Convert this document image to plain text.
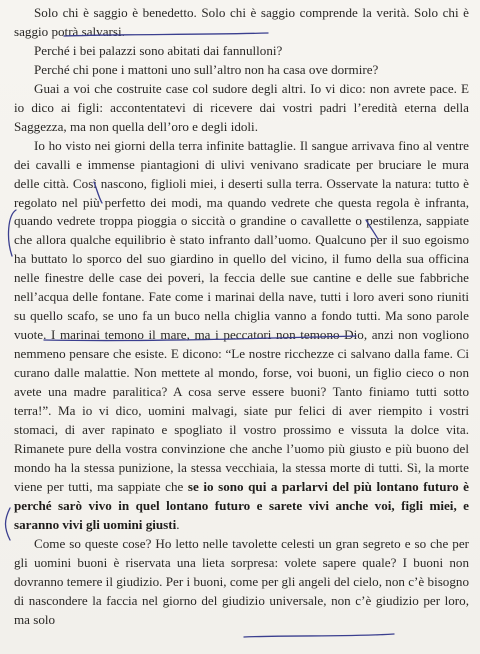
Solo chi è saggio è benedetto. Solo chi è saggio comprende la verità. Solo chi è saggio potrà salvarsi.

Perché i bei palazzi sono abitati dai fannulloni?

Perché chi pone i mattoni uno sull’altro non ha casa ove dormire?

Guai a voi che costruite case col sudore degli altri. Io vi dico: non avrete pace. E io dico ai figli: accontentatevi di ricevere dai vostri padri l’eredità eterna della Saggezza, ma non quella dell’oro e degli idoli.

Io ho visto nei giorni della terra infinite battaglie. Il sangue arrivava fino al ventre dei cavalli e immense piantagioni di ulivi venivano sradicate per bruciare le mura delle città. Così nascono, figlioli miei, i deserti sulla terra. Osservate la natura: tutto è regolato nel più perfetto dei modi, ma quando vedrete che questa regola è infranta, quando vedrete troppa pioggia o siccità o grandine o cavallette o pestilenza, sappiate che allora qualche equilibrio è stato infranto dall’uomo. Qualcuno per il suo egoismo ha buttato lo sporco del suo giardino in quello del vicino, il fumo della sua officina nelle finestre delle case dei poveri, la feccia delle sue cantine e delle sue fabbriche nell’acqua delle fontane. Fate come i marinai della nave, tutti i loro averi sono riuniti su quello scafo, se uno fa un buco nella chiglia vanno a fondo tutti. Ma sono parole vuote. I marinai temono il mare, ma i peccatori non temono Dio, anzi non vogliono nemmeno pensare che esiste. E dicono: “Le nostre ricchezze ci salvano dalla fame. Ci curano dalle malattie. Non mettete al mondo, forse, voi buoni, un figlio cieco o non avete una madre paralitica? A cosa serve essere buoni? Tanto finiamo tutti sotto terra!”. Ma io vi dico, uomini malvagi, siate pur felici di aver riempito i vostri stomaci, di aver rapinato e spogliato il vostro prossimo e vissuta la dolce vita. Rimanete pure della vostra convinzione che anche l’uomo più giusto e più buono del mondo ha la stessa punizione, la stessa vecchiaia, la stessa morte di tutti. Sì, la morte viene per tutti, ma sappiate che se io sono qui a parlarvi del più lontano futuro è perché sarò vivo in quel lontano futuro e sarete vivi anche voi, figli miei, e saranno vivi gli uomini giusti.

Come so queste cose? Ho letto nelle tavolette celesti un gran segreto e so che per gli uomini buoni è riservata una lieta sorpresa: volete sapere quale? I buoni non dovranno temere il giudizio. Per i buoni, come per gli angeli del cielo, non c’è bisogno di nascondere la faccia nel giorno del giudizio universale, non c’è giudizio per loro, ma solo
